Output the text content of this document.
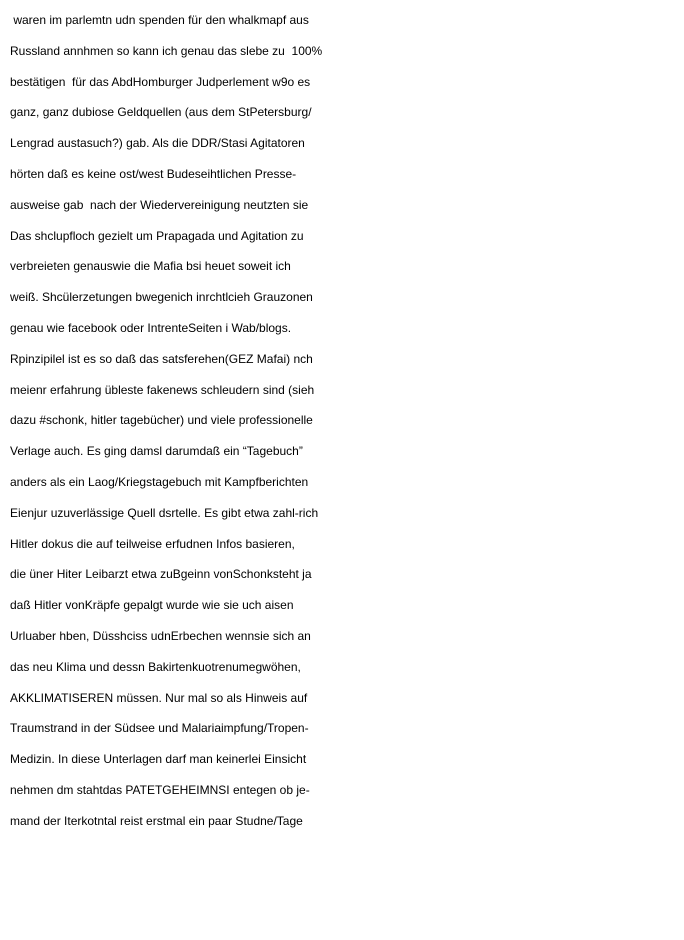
waren im parlemtn udn spenden für den whalkmapf aus
Russland annhmen so kann ich genau das slebe zu  100%
bestätigen  für das AbdHomburger Judperlement w9o es
ganz, ganz dubiose Geldquellen (aus dem StPetersburg/
Lengrad austasuch?) gab. Als die DDR/Stasi Agitatoren
hörten daß es keine ost/west Budeseihtlichen Presse-
ausweise gab  nach der Wiedervereinigung neutzten sie
Das shclupfloch gezielt um Prapagada und Agitation zu
verbreieten genauswie die Mafia bsi heuet soweit ich
weiß. Shcülerzetungen bwegenich inrchtlcieh Grauzonen
genau wie facebook oder IntrenteSeiten i Wab/blogs.
Rpinzipilel ist es so daß das satsferehen(GEZ Mafai) nch
meienr erfahrung übleste fakenews schleudern sind (sieh
dazu #schonk, hitler tagebücher) und viele professionelle
Verlage auch. Es ging damsl darumdaß ein “Tagebuch”
anders als ein Laog/Kriegstagebuch mit Kampfberichten
Eienjur uzuverlässige Quell dsrtelle. Es gibt etwa zahl-rich
Hitler dokus die auf teilweise erfudnen Infos basieren,
die üner Hiter Leibarzt etwa zuBgeinn vonSchonksteht ja
daß Hitler vonKräpfe gepalgt wurde wie sie uch aisen
Urluaber hben, Düsshciss udnErbechen wennsie sich an
das neu Klima und dessn Bakirtenkuotrenumegwöhen,
AKKLIMATISEREN müssen. Nur mal so als Hinweis auf
Traumstrand in der Südsee und Malariaimpfung/Tropen-
Medizin. In diese Unterlagen darf man keinerlei Einsicht
nehmen dm stahtdas PATETGEHEIMNSI entegen ob je-
mand der Iterkotntal reist erstmal ein paar Studne/Tage
